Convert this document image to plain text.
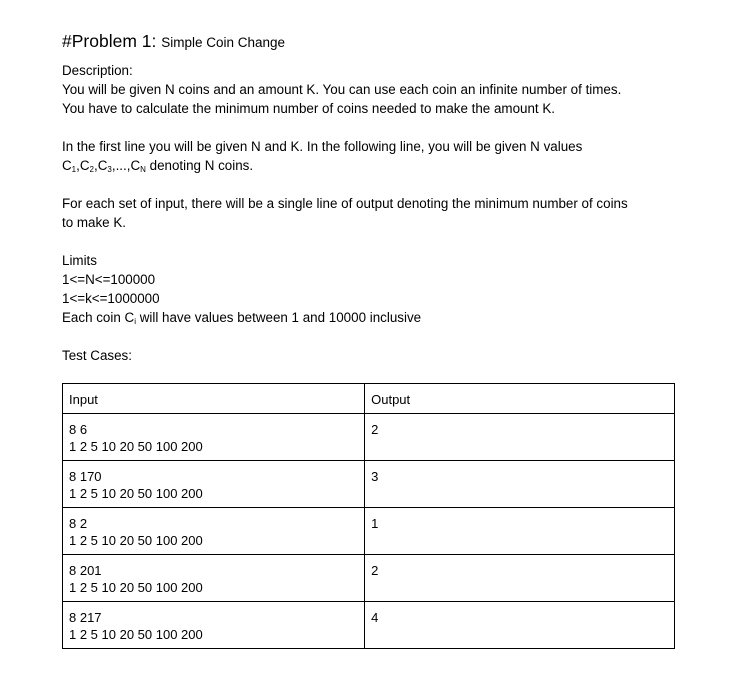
#Problem 1: Simple Coin Change

Description:

You will be given N coins and an amount K. You can use each coin an infinite number of times.

You have to calculate the minimum number of coins needed to make the amount K.

In the first line you will be given N and K. In the following line, you will be given N values

$C_1,C_2,C_3,...,C_N$ denoting N coins.

For each set of input, there will be a single line of output denoting the minimum number of coins

to make K.

Limits

1<=N<=100000

1<=k<=1000000

Each coin $C_i$ will have values between 1 and 10000 inclusive

Test Cases:

Input	Output

8 6
1 2 5 10 20 50 100 200	2

8 170
1 2 5 10 20 50 100 200	3

8 2
1 2 5 10 20 50 100 200	1

8 201
1 2 5 10 20 50 100 200	2

8 217
1 2 5 10 20 50 100 200	4
